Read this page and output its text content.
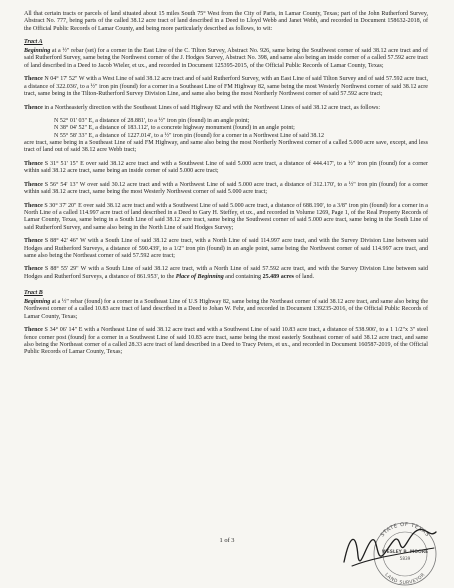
All that certain tracts or parcels of land situated about 15 miles South 75° West from the City of Paris, in Lamar County, Texas; part of the John Rutherford Survey, Abstract No. 777, being parts of the called 38.12 acre tract of land described in a Deed to Lloyd Webb and Janet Webb, and recorded in Document 158632-2018, of the Official Public Records of Lamar County, and being more particularly described as follows, to wit:

Tract A

Beginning at a ½" rebar (set) for a corner in the East Line of the C. Tilton Survey, Abstract No. 926, same being the Southwest corner of said 38.12 acre tract and of said Rutherford Survey, same being the Northwest corner of the J. Hodges Survey, Abstract No. 398, and same also being an inside corner of a called 57.592 acre tract of land described in a Deed to Jacob Wieler, et ux., and recorded in Document 125395-2015, of the Official Public Records of Lamar County, Texas;

Thence N 04° 17' 52" W with a West Line of said 38.12 acre tract and of said Rutherford Survey, with an East Line of said Tilton Survey and of said 57.592 acre tract, a distance of 322.036', to a ½" iron pin (found) for a corner in a Southeast Line of FM Highway 82, same being the most Westerly Northwest corner of said 38.12 acre tract, same being in the Tilton-Rutherford Survey Division Line, and same also being the most Northerly Northwest corner of said 57.592 acre tract;

Thence in a Northeasterly direction with the Southeast Lines of said Highway 82 and with the Northwest Lines of said 38.12 acre tract, as follows:

N 52° 01' 03" E, a distance of 28.881', to a ½" iron pin (found) in an angle point;

N 38° 04' 52" E, a distance of 183.112', to a concrete highway monument (found) in an angle point;

N 55° 58' 33" E, a distance of 1227.014', to a ½" iron pin (found) for a corner in a Northwest Line of said 38.12

acre tract, same being in a Southeast Line of said FM Highway, and same also being the most Northerly Northwest corner of a called 5.000 acre save, except, and less tract of land out of said 38.12 acre Webb tract;

Thence S 31° 51' 15" E over said 38.12 acre tract and with a Southwest Line of said 5.000 acre tract, a distance of 444.417', to a ½" iron pin (found) for a corner within said 38.12 acre tract, same being an inside corner of said 5.000 acre tract;

Thence S 56° 54' 13" W over said 30.12 acre tract and with a Northwest Line of said 5.000 acre tract, a distance of 312.170', to a ½" iron pin (found) for a corner within said 38.12 acre tract, same being the most Westerly Northwest corner of said 5.000 acre tract;

Thence S 30° 37' 20" E over said 38.12 acre tract and with a Southwest Line of said 5.000 acre tract, a distance of 688.190', to a 3/8" iron pin (found) for a corner in a North Line of a called 114.997 acre tract of land described in a Deed to Gary H. Steffey, et ux., and recorded in Volume 1269, Page 1, of the Real Property Records of Lamar County, Texas, same being in a South Line of said 38.12 acre tract, same being the Southwest corner of said 5.000 acre tract, same being in the South Line of said Rutherford Survey, and same also being in the North Line of said Hodges Survey;

Thence S 88° 42' 46" W with a South Line of said 38.12 acre tract, with a North Line of said 114.997 acre tract, and with the Survey Division Line between said Hodges and Rutherford Surveys, a distance of 590.439', to a 1/2" iron pin (found) in an angle point, same being the Northwest corner of said 114.997 acre tract, and same also being the Northeast corner of said 57.592 acre tract;

Thence S 88° 55' 29" W with a South Line of said 38.12 acre tract, with a North Line of said 57.592 acre tract, and with the Survey Division Line between said Hodges and Rutherford Surveys, a distance of 861.953', to the Place of Beginning and containing 25.489 acres of land.

Tract B

Beginning at a ½" rebar (found) for a corner in a Southeast Line of U.S Highway 82, same being the Northeast corner of said 38.12 acre tract, and same also being the Northwest corner of a called 10.83 acre tract of land described in a Deed to Johan W. Fehr, and recorded in Document 139235-2016, of the Official Public Records of Lamar County, Texas;

Thence S 34° 06' 14" E with a Northeast Line of said 38.12 acre tract and with a Southwest Line of said 10.83 acre tract, a distance of 538.906', to a 1 1/2"x 3" steel fence corner post (found) for a corner in a Southwest Line of said 10.83 acre tract, same being the most easterly Southeast corner of said 38.12 acre tract, and same also being the Northeast corner of a called 28.33 acre tract of land described in a Deed to Tracy Peters, et ux., and recorded in Document 160587-2019, of the Official Public Records of Lamar County, Texas;

1 of 3
STATE OF TEXAS
LAND SURVEYOR
WESLEY B. MOORE
5839
